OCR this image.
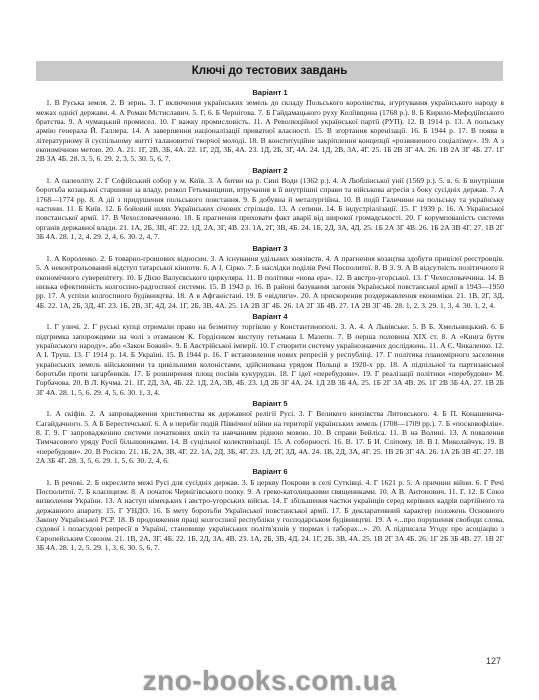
Ключі до тестових завдань
Варіант 1

1. В Руська земля. 2. В зернь. 3. Г включення українських земель до складу Польського королівства, згуртування українського народу в межах однієї держави. 4. А Роман Мстиславич. 5. Г, 6. Б Чернігова. 7. Б Гайдамацького руху Коліївщина (1768 р.). 8. Б Кирило-Мефодіївського братства. 9. А чумацький промисел. 10. Г важку промисловість. 11. А Революційної української партії (РУП). 12. В 1914 р. 13. А польську армію генерала Й. Галлера. 14. А завершення націоналізації приватної власності. 15. В згортання коренізації. 16. Б 1944 р. 17. В поява в літературному й суспільному житті талановитої творчої молоді. 18. В конституційне закріплення концепції «розвиненого соціалізму». 19. А з економічною метою. 20. А. 21. 1Г, 2В, 3Б, 4А. 22. 1Г, 2Д, 3Б, 4А. 23. 1Д, 2Б, 3Г, 4А. 24. 1Д, 2В, 3А, 4Г. 25. 1Б 2В 3Г 4А. 26. 1В 2А 3Г 4Б. 27. 1Г 2В 3А 4Б. 28. 3, 5, 6. 29. 2, 3, 5. 30. 5, 6, 7.

Варіант 2

1. А палеоліту. 2. Г Софійський собор у м. Київ. 3. А битви на р. Сині Води (1362 р.). 4. А Люблінської унії (1569 р.). 5. в. 6. Б внутрішня боротьба козацької старшини за владу, розкол Гетьманщини, втручання в її внутрішні справи та військова агресія з боку сусідніх держав. 7. А 1768—1774 рр. 8. А дії з придушення польського повстання. 9. Б добувна й металургійна. 10. В події Галичини на польську та українську частини. 11. Б Київ. 12. Б бойовий шлях Українських січових стрільців. 13. А сепини. 14. Б індустріалізації. 15. Г 1939 р. 16. А Української повстанської армії. 17. В Чехословаччиною. 18. Б прагнення приховати факт аварії від широкої громадськості. 20. Г корумпованість системи органів державної влади. 21. 1А, 2Б, 3В, 4Г. 22. 1Д, 2А, 3Г, 4В. 23. 1А, 2Г, 3В, 4Б. 24. 1Б, 2Д, 3А, 4Д. 25. 1Б 2А 3Г 4В. 26. 1Б 2А 3В 4Г. 27. 1В 2Г 3Б 4А. 28. 1, 2, 4. 29. 2, 4, 6. 30. 2, 4, 7.

Варіант 3

1. А Короленко. 2. Б товарно-грошових відносин. 3. А існування удільних князівств. 4. А прагнення козацтва здобути привілеї реєстровців. 5. А неконтрольований відступ татарської кінноти. 6. А І. Сірко. 7. Б наслідки поділів Речі Посполитої. 8. В 3. 9. А В відсутність політичного й економічного суверенітету. 10. Б Дією Валуєвського циркуляра. 11. В політики «нова ера». 12. В австро-угорської. 13. Г Чехословаччина. 14. В низька ефективність колгоспно-радгоспної системи. 15. В 1943 р. 16. В районі базування загонів Української повстанської армії в 1943—1950 рр. 17. А успіхи колгоспного будівництва. 18. А в Афганістані. 19. Б «відлиги». 20. А прискорення роздержавлення економіки. 21. 1В, 2Г, 3Д, 4Б. 22. 1А, 2Б, 3Д, 4Г. 23. 1Б, 2В, 3Г, 4Д. 24. 1Г, 2Б, 3В, 4А. 25. 1А 2В 3Г 4Б. 26. 1А 2Г 3Б 4В. 27. 1А 2В 3Г 4Б. 28. 1, 2, 3. 29. 1, 3, 4. 30. 1, 2, 4.

Варіант 4

1. Г уличі. 2. Г руські купці отримали право на безмитну торгівлю у Константинополі. 3. А. 4. А Львівське. 5. В Б. Хмельницький. 6. Б підтримка запорожцями на чолі з отаманом К. Гордієнком виступу гетьмана І. Мазепи. 7. В перша половина XIX ст. 8. А «Книга буття українського народу», або «Закон Божий». 9. Б Австрійської імперії. 10. Г створити систему українознавчих досліджень. 11. А Є. Чикаленко. 12. А І. Труш. 13. Г 1914 р. 14. Б Україні. 15. В 1944 р. 16. Г встановлення нових репресій у республіці. 17. Г політика планомірного заселення українських земель військовими та цивільними колоністами, здійснювана урядом Польщі в 1920-х рр. 18. А підпільної та партизанської боротьби проти загарбників. 17. Б розширення площ посівів кукурудзи. 18. Г ідеї «перебудови». 19. Г реалізації політики «перебудови» М. Горбачова. 20. В Л. Кучма. 21. 1Г, 2Д, 3А, 4Б. 22. 1Д, 2А, 3В, 4Б. 23. 1Д 2Б 3Г 4А. 24. 1Д 2В 3Б 4А. 25. 1Б 2Г 3А 4В. 26. 1Г 2В 3Б 4А. 27. 1В 2Б 3Г 4А. 28. 1, 5, 6. 29. 4, 5, 6. 30. 1, 3, 4.

Варіант 5

1. А скіфів. 2. А запровадження християнства як державної релігії Русі. 3. Г Великого князівства Литовського. 4. Б П. Конашевича-Сагайдачного. 5. А Б Берестечської. 6. А в перебіг подій Північної війни на території українських земель (1708—1709 рр.). 7. Б «посковофілів». 8. Г. 9. Г запровадженню системи початкових шкіл та навчанням рідною мовою. 10. В справи Бейліса. 11. В на Волині. 13. А повалення Тимчасового уряду Росії більшовиками. 14. В суцільної колективізації. 15. А соборності. 16. В. 17. Б И. Сліпому. 18. В І. Миколайчук. 19. В «перебудови». 20. В Росією. 21. 1Б, 2А, 3В, 4Г. 22. 1А, 2Д, 3Б, 4Г. 23. 1Д, 2Г, 3Д, 4А. 24. 1В, 2Д, 3А, 4Г. 25. 1В 2Б 3Г 4А. 26. 1А 2Б 3В 4Г. 27. 1В 2А 3Б 4Г. 28. 3, 5, 6. 29. 1, 5, 6. 30. 2, 4, 6.

Варіант 6

1. В речові. 2. Б окреслити межі Русі для сусідніх держав. 3. Б церкву Покрови в селі Сутківці. 4. Г 1621 р. 5. А причини війни. 6. Г Речі Посполитої. 7. Б класицизм. 8. А початок Чернігівського полку. 9. А греко-католицькими священиками. 10. А В. Антонович. 11. Г. 12. Б Союз визволення України. 13. А наступ німецьких і австро-угорських військ. 14. Г збільшення частки українців серед керівних кадрів партійного та державного апарату. 15. Г УНДО. 16. Б мету боротьби Української повстанської армії. 17. Б декларативний характер положень Основного Закону Української РСР. 18. В продовження праці колгоспної республіки у господарськом будівництві. 19. А «...про порушення свободи слова, судової і позасудові репресії в Україні, становище українських політв'язнів у тюрмах і таборах...». 20. А підписала Угоду про асоціацію з Європейським Союзом. 21. 1В, 2А, 3Г, 4Б. 22. 1Б, 2Д, 3А, 4В. 23. 1А, 2Б, 3В, 4Д. 24. 1Г, 2Б, 3В, 4А. 25. 1В 2Г 3А 4Б. 26. 1Г 2Б 3Б 4В. 27. 1В 2Г 3Б 4А. 28. 1, 2, 5. 29. 1, 3, 6. 30. 5, 6, 7.

127
zno-books.com.ua
